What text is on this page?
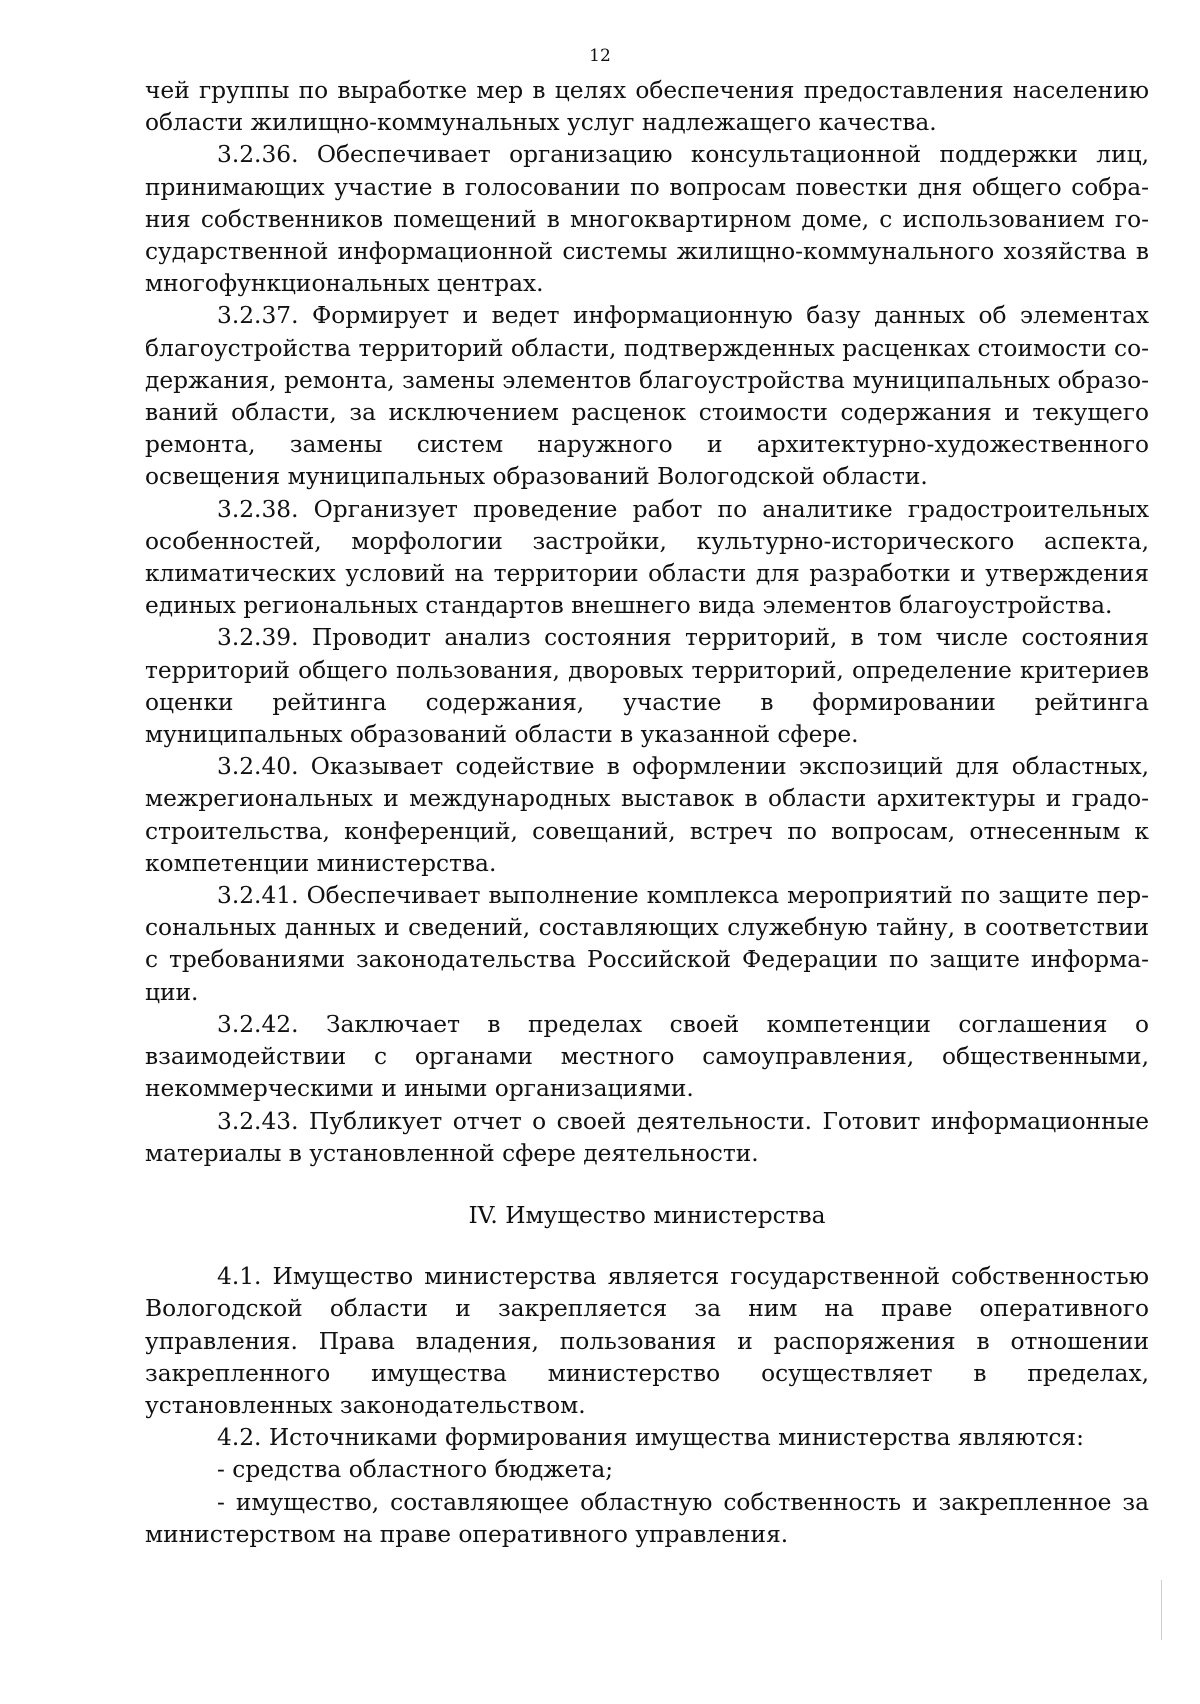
12

чей группы по выработке мер в целях обеспечения предоставления населению области жилищно-коммунальных услуг надлежащего качества.

3.2.36. Обеспечивает организацию консультационной поддержки лиц, принимающих участие в голосовании по вопросам повестки дня общего собрания собственников помещений в многоквартирном доме, с использованием государственной информационной системы жилищно-коммунального хозяйства в многофункциональных центрах.

3.2.37. Формирует и ведет информационную базу данных об элементах благоустройства территорий области, подтвержденных расценках стоимости содержания, ремонта, замены элементов благоустройства муниципальных образований области, за исключением расценок стоимости содержания и текущего ремонта, замены систем наружного и архитектурно-художественного освещения муниципальных образований Вологодской области.

3.2.38. Организует проведение работ по аналитике градостроительных особенностей, морфологии застройки, культурно-исторического аспекта, климатических условий на территории области для разработки и утверждения единых региональных стандартов внешнего вида элементов благоустройства.

3.2.39. Проводит анализ состояния территорий, в том числе состояния территорий общего пользования, дворовых территорий, определение критериев оценки рейтинга содержания, участие в формировании рейтинга муниципальных образований области в указанной сфере.

3.2.40. Оказывает содействие в оформлении экспозиций для областных, межрегиональных и международных выставок в области архитектуры и градостроительства, конференций, совещаний, встреч по вопросам, отнесенным к компетенции министерства.

3.2.41. Обеспечивает выполнение комплекса мероприятий по защите персональных данных и сведений, составляющих служебную тайну, в соответствии с требованиями законодательства Российской Федерации по защите информации.

3.2.42. Заключает в пределах своей компетенции соглашения о взаимодействии с органами местного самоуправления, общественными, некоммерческими и иными организациями.

3.2.43. Публикует отчет о своей деятельности. Готовит информационные материалы в установленной сфере деятельности.

IV. Имущество министерства

4.1. Имущество министерства является государственной собственностью Вологодской области и закрепляется за ним на праве оперативного управления. Права владения, пользования и распоряжения в отношении закрепленного имущества министерство осуществляет в пределах, установленных законодательством.

4.2. Источниками формирования имущества министерства являются:

- средства областного бюджета;

- имущество, составляющее областную собственность и закрепленное за министерством на праве оперативного управления.
